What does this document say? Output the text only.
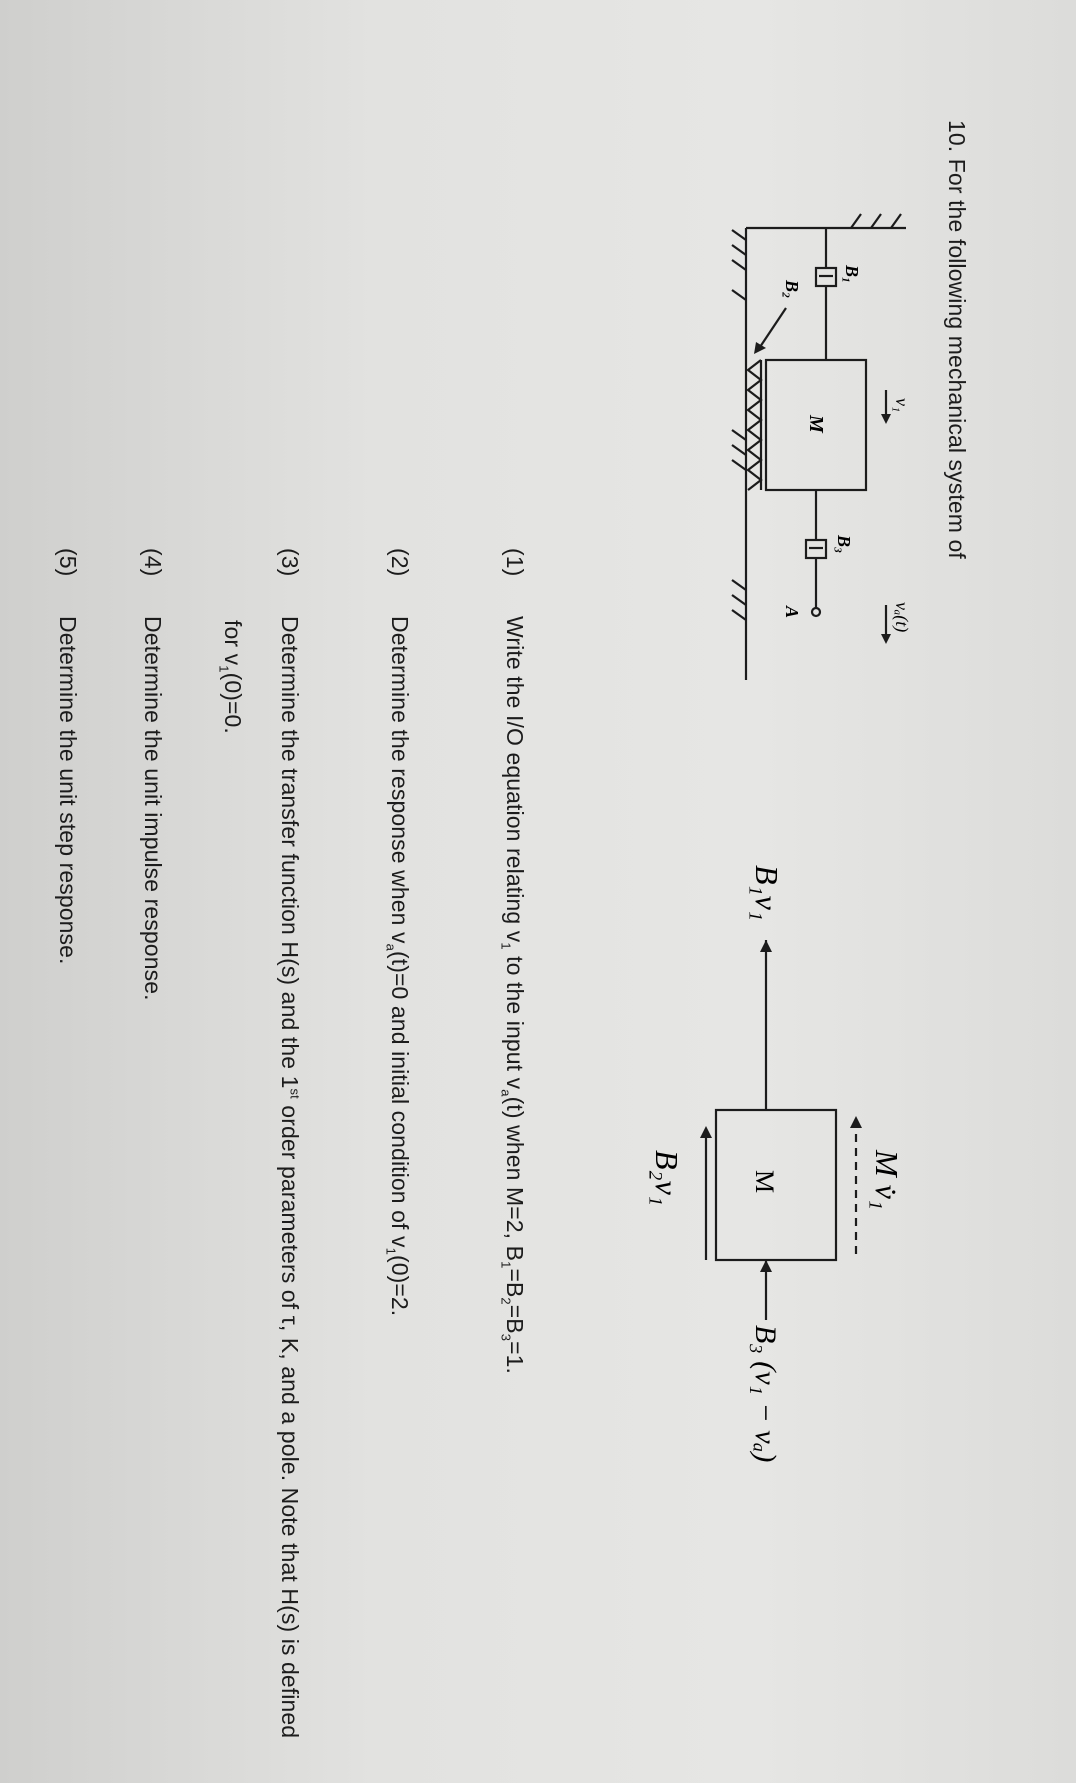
10. For the following mechanical system of
v₁
vₐ(t)
B₁
B₂
B₃
M
A
B₁v₁
M v̇₁
M
B₂v₁
B₃ (v₁ − vₐ)
(1)Write the I/O equation relating $v_1$ to the input $v_a(t)$ when M=2, $B_1=B_2=B_3=1$.
(2)Determine the response when $v_a(t)=0$ and initial condition of $v_1(0)=2$.
(3)Determine the transfer function H(s) and the 1st order parameters of τ, K, and a pole. Note that H(s) is defined
for $v_1(0)=0$.
(4)Determine the unit impulse response.
(5)Determine the unit step response.
